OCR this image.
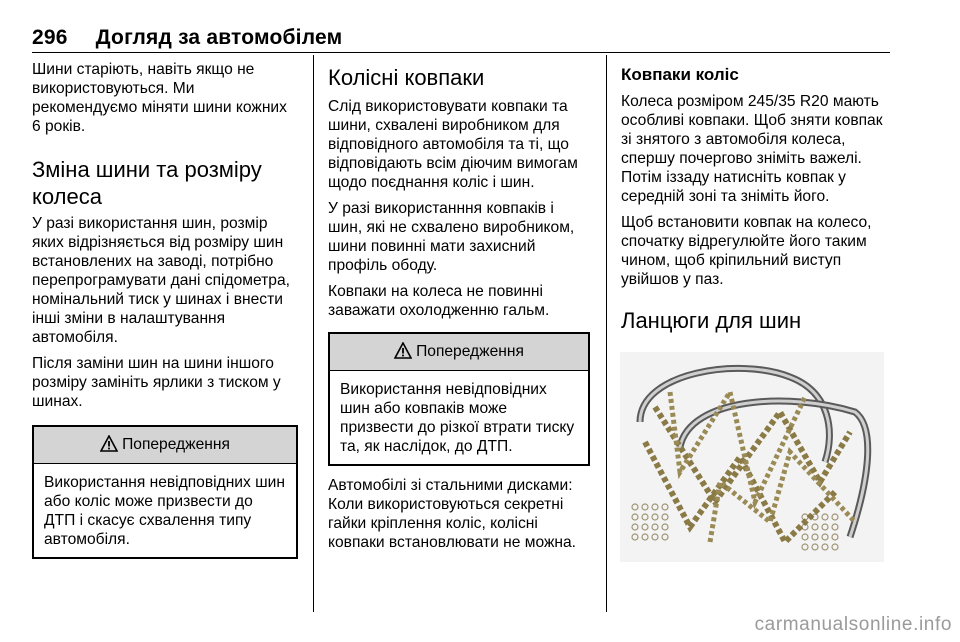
296 Догляд за автомобілем

Шини старіють, навіть якщо не використовуються. Ми рекомендуємо міняти шини кожних 6 років.

Зміна шини та розміру колеса

У разі використання шин, розмір яких відрізняється від розміру шин встановлених на заводі, потрібно перепрограмувати дані спідометра, номінальний тиск у шинах і внести інші зміни в налаштування автомобіля.

Після заміни шин на шини іншого розміру замініть ярлики з тиском у шинах.

Попередження
Використання невідповідних шин або коліс може призвести до ДТП і скасує схвалення типу автомобіля.
Колісні ковпаки

Слід використовувати ковпаки та шини, схвалені виробником для відповідного автомобіля та ті, що відповідають всім діючим вимогам щодо поєднання коліс і шин.

У разі використанння ковпаків і шин, які не схвалено виробником, шини повинні мати захисний профіль ободу.

Ковпаки на колеса не повинні заважати охолодженню гальм.

Попередження
Використання невідповідних шин або ковпаків може призвести до різкої втрати тиску та, як наслідок, до ДТП.

Автомобілі зі стальними дисками: Коли використовуються секретні гайки кріплення коліс, колісні ковпаки встановлювати не можна.

Ковпаки коліс

Колеса розміром 245/35 R20 мають особливі ковпаки. Щоб зняти ковпак зі знятого з автомобіля колеса, спершу почергово зніміть важелі. Потім іззаду натисніть ковпак у середній зоні та зніміть його.

Щоб встановити ковпак на колесо, спочатку відрегулюйте його таким чином, щоб кріпильний виступ увійшов у паз.

Ланцюги для шин
carmanualsonline.info
